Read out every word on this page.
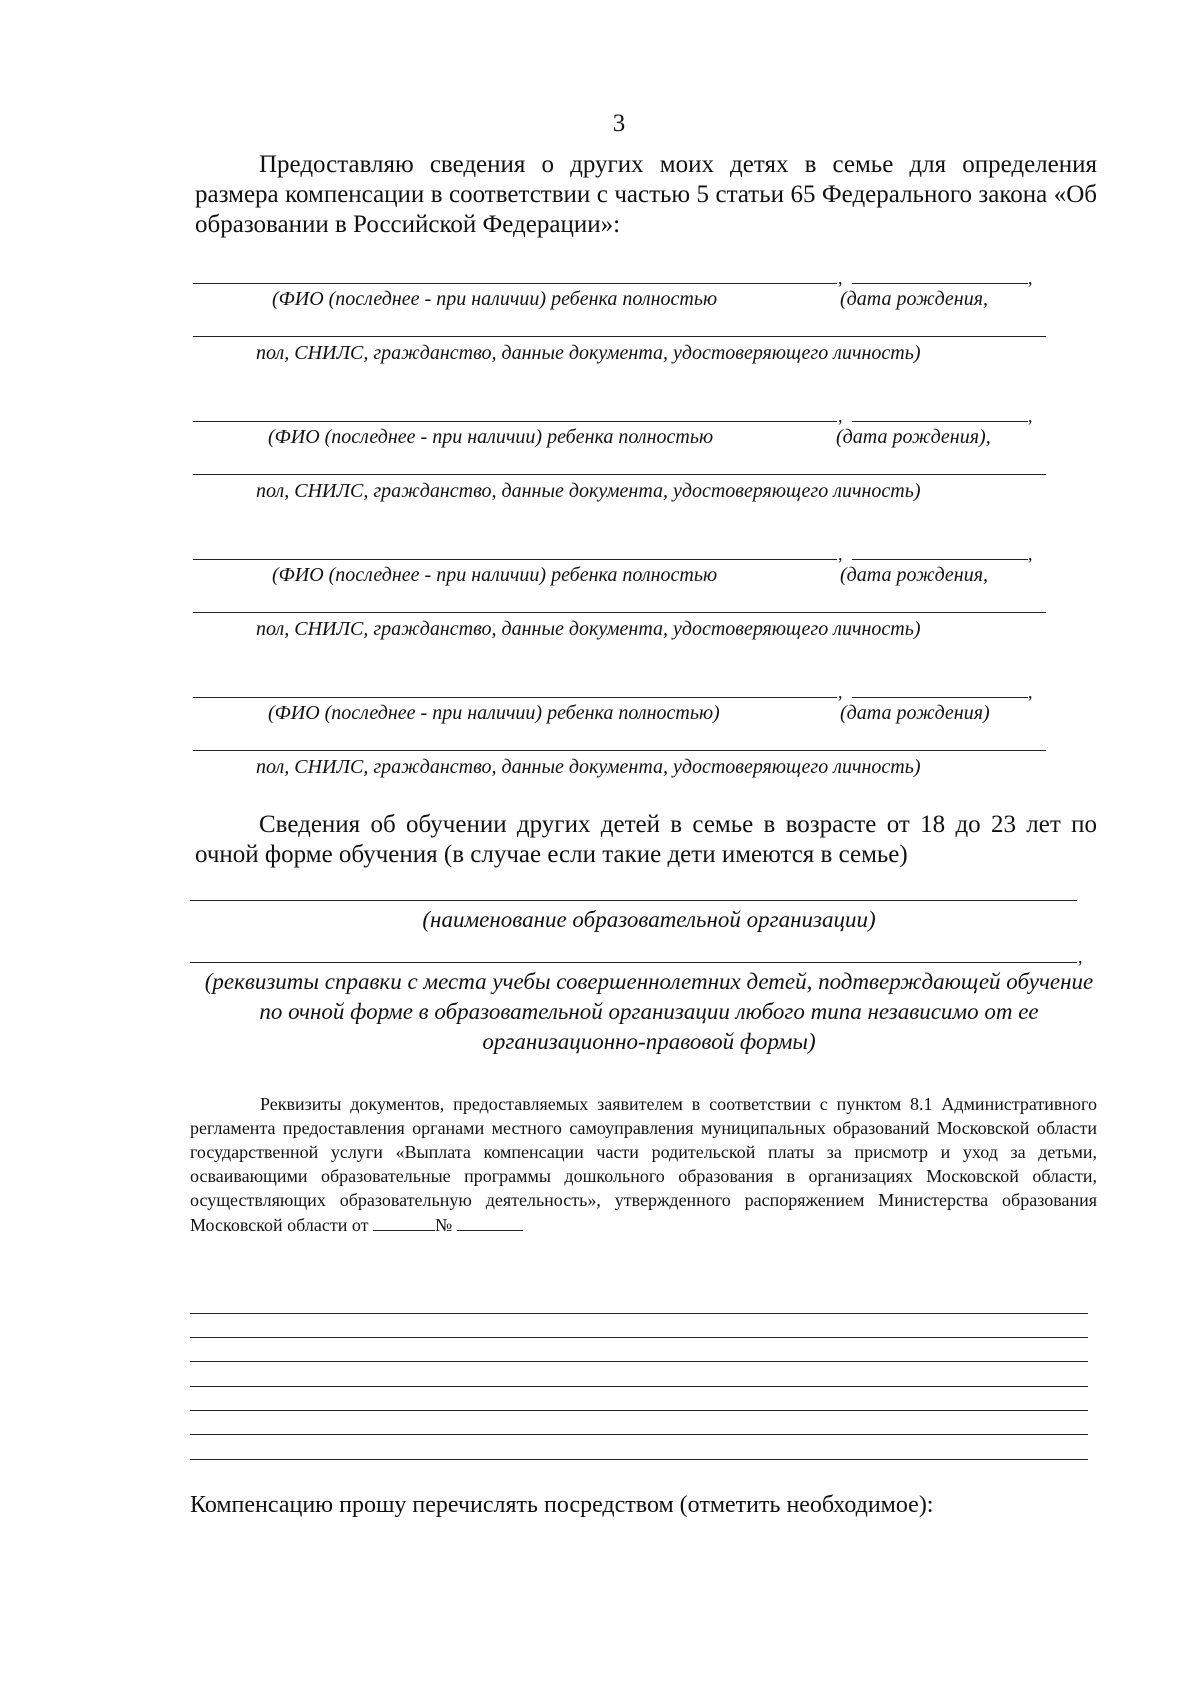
3
Предоставляю сведения о других моих детях в семье для определения размера компенсации в соответствии с частью 5 статьи 65 Федерального закона «Об образовании в Российской Федерации»:
,	,
(ФИО (последнее - при наличии) ребенка полностью	(дата рождения,
пол, СНИЛС, гражданство, данные документа, удостоверяющего личность)
,	,
(ФИО (последнее - при наличии) ребенка полностью	(дата рождения),
пол, СНИЛС, гражданство, данные документа, удостоверяющего личность)
,	,
(ФИО (последнее - при наличии) ребенка полностью	(дата рождения,
пол, СНИЛС, гражданство, данные документа, удостоверяющего личность)
,	,
(ФИО (последнее - при наличии) ребенка полностью)	(дата рождения)
пол, СНИЛС, гражданство, данные документа, удостоверяющего личность)
Сведения об обучении других детей в семье в возрасте от 18 до 23 лет по очной форме обучения (в случае если такие дети имеются в семье)
(наименование образовательной организации)
,
(реквизиты справки с места учебы совершеннолетних детей, подтверждающей обучение по очной форме в образовательной организации любого типа независимо от ее организационно-правовой формы)
Реквизиты документов, предоставляемых заявителем в соответствии с пунктом 8.1 Административного регламента предоставления органами местного самоуправления муниципальных образований Московской области государственной услуги «Выплата компенсации части родительской платы за присмотр и уход за детьми, осваивающими образовательные программы дошкольного образования в организациях Московской области, осуществляющих образовательную деятельность», утвержденного распоряжением Министерства образования Московской области от	№
Компенсацию прошу перечислять посредством (отметить необходимое):
